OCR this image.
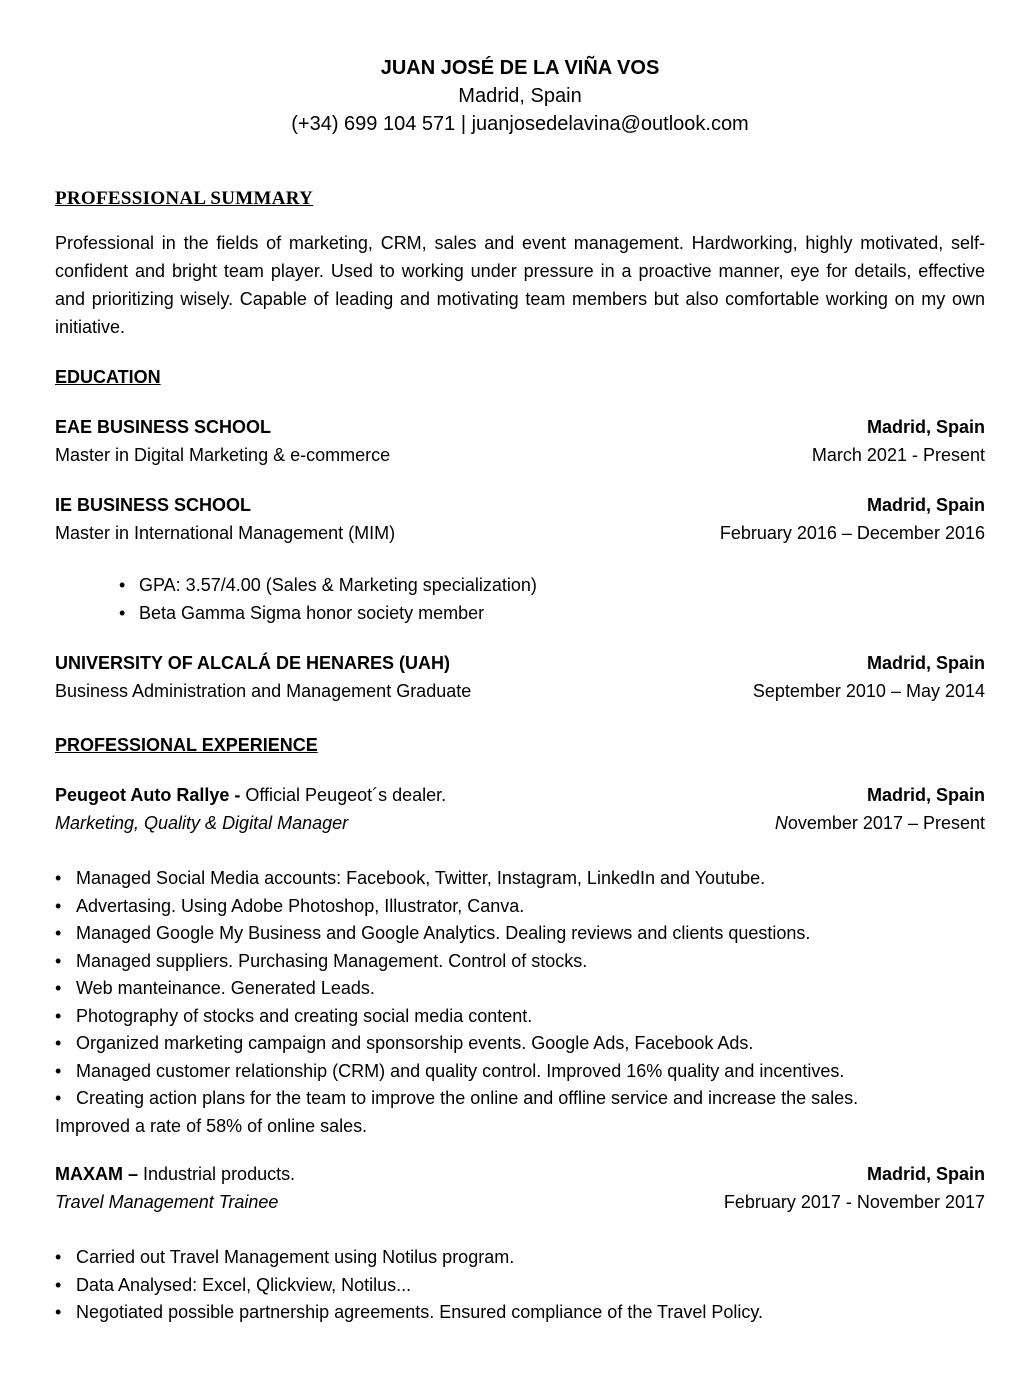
JUAN JOSÉ DE LA VIÑA VOS
Madrid, Spain
(+34) 699 104 571 | juanjosedelavina@outlook.com
PROFESSIONAL SUMMARY
Professional in the fields of marketing, CRM, sales and event management. Hardworking, highly motivated, self-confident and bright team player. Used to working under pressure in a proactive manner, eye for details, effective and prioritizing wisely. Capable of leading and motivating team members but also comfortable working on my own initiative.
EDUCATION
EAE BUSINESS SCHOOL	Madrid, Spain
Master in Digital Marketing & e-commerce	March 2021 - Present
IE BUSINESS SCHOOL	Madrid, Spain
Master in International Management (MIM)	February 2016 – December 2016
• GPA: 3.57/4.00 (Sales & Marketing specialization)
• Beta Gamma Sigma honor society member
UNIVERSITY OF ALCALÁ DE HENARES (UAH)	Madrid, Spain
Business Administration and Management Graduate	September 2010 – May 2014
PROFESSIONAL EXPERIENCE
Peugeot Auto Rallye - Official Peugeot´s dealer.	Madrid, Spain
Marketing, Quality & Digital Manager	November 2017 – Present
• Managed Social Media accounts: Facebook, Twitter, Instagram, LinkedIn and Youtube.
• Advertasing. Using Adobe Photoshop, Illustrator, Canva.
• Managed Google My Business and Google Analytics. Dealing reviews and clients questions.
• Managed suppliers. Purchasing Management. Control of stocks.
• Web manteinance. Generated Leads.
• Photography of stocks and creating social media content.
• Organized marketing campaign and sponsorship events. Google Ads, Facebook Ads.
• Managed customer relationship (CRM) and quality control. Improved 16% quality and incentives.
• Creating action plans for the team to improve the online and offline service and increase the sales.
Improved a rate of 58% of online sales.
MAXAM – Industrial products.	Madrid, Spain
Travel Management Trainee	February 2017 - November 2017
• Carried out Travel Management using Notilus program.
• Data Analysed: Excel, Qlickview, Notilus...
• Negotiated possible partnership agreements. Ensured compliance of the Travel Policy.
